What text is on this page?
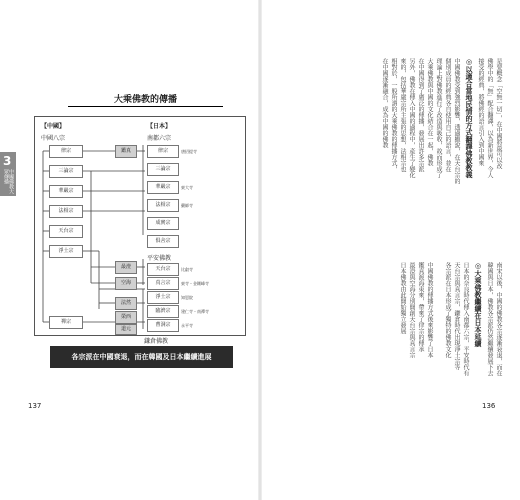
3
中國佛教大眾傳播
大乘佛教的傳播
【中國】	【日本】
中國八宗	南都六宗
律宗
三論宗
華嚴宗
法相宗
天台宗
淨土宗
禪宗
鑑真
最澄
空海
法然
榮西
道元
律宗
三論宗
華嚴宗
法相宗
成實宗
俱舍宗
唐招提寺
東大寺
藥師寺
平安佛教
天台宗
真言宗
比叡寺
東寺・金剛峰寺
淨土宗
臨濟宗
曹洞宗
知恩院
建仁寺・南禪寺
永平寺
鎌倉佛教
各宗派在中國衰退，而在韓國及日本繼續進展
137
是要概念「空無一切」，在中國將最可以改
佛學中的「無」配合翻譯，以為新世界，令人
接受的經典，將佛經的語言引入到中國來
◎以適合當地民情的方式翻譯佛教教義
中國佛教受到強烈影響，透過顯說，在天台宗的
個別成員的經典各自使用自己的語言，並在
理論上對佛教進行了改造與吸收，故而形成了
大乘佛教與中國的文化結合在一起，佛教
在中國得到了廣泛的傳播，發展出許多宗派
另外，佛教在傳入中國的過程中，產生了變化
來的，包括華嚴宗所主張的思想，法相宗也
相對於，一般所謂的大乘佛教的傳播方式，
在中國逐漸融合，成為中國的佛教
南宋以後，中國的佛教各宗逐漸衰退，而在
韓國與日本，佛教各宗派仍然繼續發展下去
◎大乘佛教繼續在日本延續
日本的奈良時代傳入南都六宗，平安時代有
天台宗與真言宗，鎌倉時代出現淨土宗等
各宗派在日本形成了獨特的佛教文化
中國佛教的傳播方式後來影響了日本
鑑真渡海東來，帶來了律宗的傳承
最澄與空海分別開創天台宗與真言宗
日本佛教由此開始獨立發展
136
